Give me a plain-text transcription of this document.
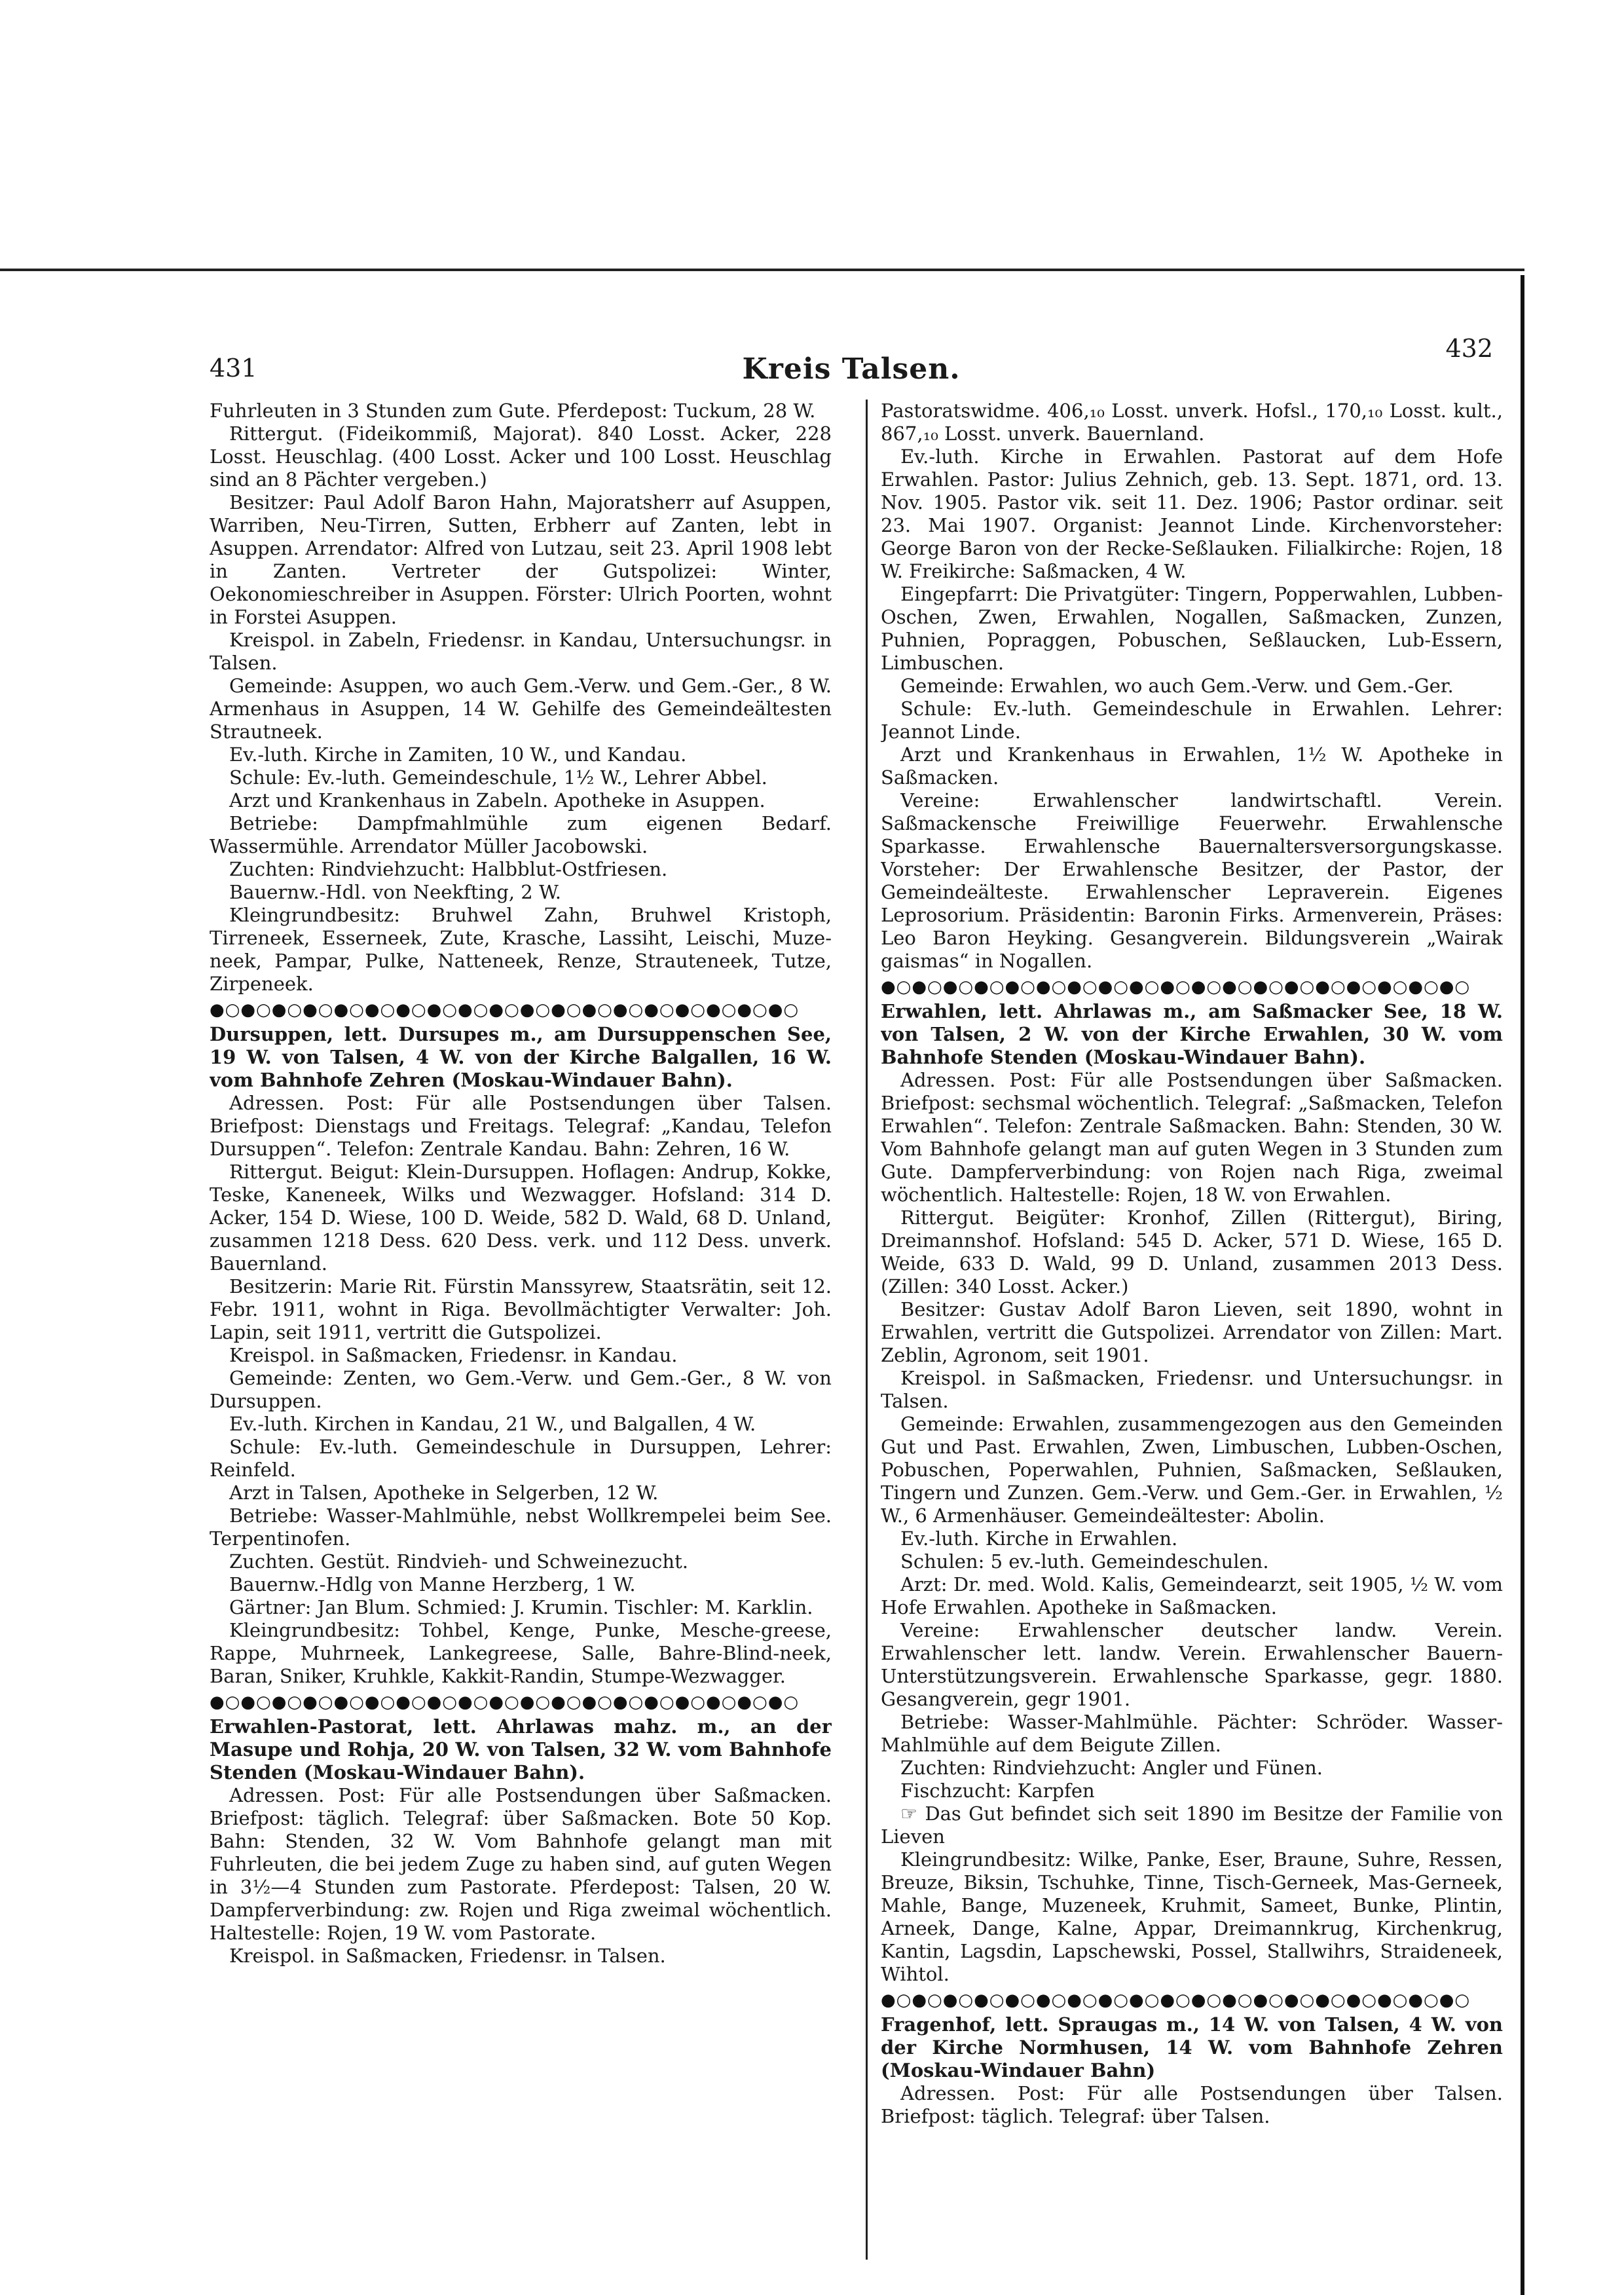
431	Kreis Talsen.
432

Fuhrleuten in 3 Stunden zum Gute. Pferdepost: Tuckum, 28 W.

Rittergut. (Fideikommiß, Majorat). 840 Losst. Acker, 228 Losst. Heuschlag. (400 Losst. Acker und 100 Losst. Heuschlag sind an 8 Pächter vergeben.)

Besitzer: Paul Adolf Baron Hahn, Majoratsherr auf Asuppen, Warriben, Neu-Tirren, Sutten, Erbherr auf Zanten, lebt in Asuppen. Arrendator: Alfred von Lutzau, seit 23. April 1908 lebt in Zanten. Vertreter der Gutspolizei: Winter, Oekonomieschreiber in Asuppen. Förster: Ulrich Poorten, wohnt in Forstei Asuppen.

Kreispol. in Zabeln, Friedensr. in Kandau, Untersuchungsr. in Talsen.

Gemeinde: Asuppen, wo auch Gem.-Verw. und Gem.-Ger., 8 W. Armenhaus in Asuppen, 14 W. Gehilfe des Gemeindeältesten Strautneek.

Ev.-luth. Kirche in Zamiten, 10 W., und Kandau.

Schule: Ev.-luth. Gemeindeschule, 1½ W., Lehrer Abbel.

Arzt und Krankenhaus in Zabeln. Apotheke in Asuppen.

Betriebe: Dampfmahlmühle zum eigenen Bedarf. Wassermühle. Arrendator Müller Jacobowski.

Zuchten: Rindviehzucht: Halbblut-Ostfriesen.

Bauernw.-Hdl. von Neekfting, 2 W.

Kleingrundbesitz: Bruhwel Zahn, Bruhwel Kristoph, Tirreneek, Esserneek, Zute, Krasche, Lassiht, Leischi, Muze-neek, Pampar, Pulke, Natteneek, Renze, Strauteneek, Tutze, Zirpeneek.

●○●○●○●○●○●○●○●○●○●○●○●○●○●○●○●○●○●○●○

Dursuppen, lett. Dursupes m., am Dursuppenschen See, 19 W. von Talsen, 4 W. von der Kirche Balgallen, 16 W. vom Bahnhofe Zehren (Moskau-Windauer Bahn).

Adressen. Post: Für alle Postsendungen über Talsen. Briefpost: Dienstags und Freitags. Telegraf: „Kandau, Telefon Dursuppen“. Telefon: Zentrale Kandau. Bahn: Zehren, 16 W.

Rittergut. Beigut: Klein-Dursuppen. Hoflagen: Andrup, Kokke, Teske, Kaneneek, Wilks und Wezwagger. Hofsland: 314 D. Acker, 154 D. Wiese, 100 D. Weide, 582 D. Wald, 68 D. Unland, zusammen 1218 Dess. 620 Dess. verk. und 112 Dess. unverk. Bauernland.

Besitzerin: Marie Rit. Fürstin Manssyrew, Staatsrätin, seit 12. Febr. 1911, wohnt in Riga. Bevollmächtigter Verwalter: Joh. Lapin, seit 1911, vertritt die Gutspolizei.

Kreispol. in Saßmacken, Friedensr. in Kandau.

Gemeinde: Zenten, wo Gem.-Verw. und Gem.-Ger., 8 W. von Dursuppen.

Ev.-luth. Kirchen in Kandau, 21 W., und Balgallen, 4 W.

Schule: Ev.-luth. Gemeindeschule in Dursuppen, Lehrer: Reinfeld.

Arzt in Talsen, Apotheke in Selgerben, 12 W.

Betriebe: Wasser-Mahlmühle, nebst Wollkrempelei beim See. Terpentinofen.

Zuchten. Gestüt. Rindvieh- und Schweinezucht.

Bauernw.-Hdlg von Manne Herzberg, 1 W.

Gärtner: Jan Blum. Schmied: J. Krumin. Tischler: M. Karklin.

Kleingrundbesitz: Tohbel, Kenge, Punke, Mesche-greese, Rappe, Muhrneek, Lankegreese, Salle, Bahre-Blind-neek, Baran, Sniker, Kruhkle, Kakkit-Randin, Stumpe-Wezwagger.

●○●○●○●○●○●○●○●○●○●○●○●○●○●○●○●○●○●○●○

Erwahlen-Pastorat, lett. Ahrlawas mahz. m., an der Masupe und Rohja, 20 W. von Talsen, 32 W. vom Bahnhofe Stenden (Moskau-Windauer Bahn).

Adressen. Post: Für alle Postsendungen über Saßmacken. Briefpost: täglich. Telegraf: über Saßmacken. Bote 50 Kop. Bahn: Stenden, 32 W. Vom Bahnhofe gelangt man mit Fuhrleuten, die bei jedem Zuge zu haben sind, auf guten Wegen in 3½—4 Stunden zum Pastorate. Pferdepost: Talsen, 20 W. Dampferverbindung: zw. Rojen und Riga zweimal wöchentlich. Haltestelle: Rojen, 19 W. vom Pastorate.

Kreispol. in Saßmacken, Friedensr. in Talsen.

Pastoratswidme. 406,₁₀ Losst. unverk. Hofsl., 170,₁₀ Losst. kult., 867,₁₀ Losst. unverk. Bauernland.

Ev.-luth. Kirche in Erwahlen. Pastorat auf dem Hofe Erwahlen. Pastor: Julius Zehnich, geb. 13. Sept. 1871, ord. 13. Nov. 1905. Pastor vik. seit 11. Dez. 1906; Pastor ordinar. seit 23. Mai 1907. Organist: Jeannot Linde. Kirchenvorsteher: George Baron von der Recke-Seßlauken. Filialkirche: Rojen, 18 W. Freikirche: Saßmacken, 4 W.

Eingepfarrt: Die Privatgüter: Tingern, Popperwahlen, Lubben-Oschen, Zwen, Erwahlen, Nogallen, Saßmacken, Zunzen, Puhnien, Popraggen, Pobuschen, Seßlaucken, Lub-Essern, Limbuschen.

Gemeinde: Erwahlen, wo auch Gem.-Verw. und Gem.-Ger.

Schule: Ev.-luth. Gemeindeschule in Erwahlen. Lehrer: Jeannot Linde.

Arzt und Krankenhaus in Erwahlen, 1½ W. Apotheke in Saßmacken.

Vereine: Erwahlenscher landwirtschaftl. Verein. Saßmackensche Freiwillige Feuerwehr. Erwahlensche Sparkasse. Erwahlensche Bauernaltersversorgungskasse. Vorsteher: Der Erwahlensche Besitzer, der Pastor, der Gemeindeälteste. Erwahlenscher Lepraverein. Eigenes Leprosorium. Präsidentin: Baronin Firks. Armenverein, Präses: Leo Baron Heyking. Gesangverein. Bildungsverein „Wairak gaismas“ in Nogallen.

●○●○●○●○●○●○●○●○●○●○●○●○●○●○●○●○●○●○●○

Erwahlen, lett. Ahrlawas m., am Saßmacker See, 18 W. von Talsen, 2 W. von der Kirche Erwahlen, 30 W. vom Bahnhofe Stenden (Moskau-Windauer Bahn).

Adressen. Post: Für alle Postsendungen über Saßmacken. Briefpost: sechsmal wöchentlich. Telegraf: „Saßmacken, Telefon Erwahlen“. Telefon: Zentrale Saßmacken. Bahn: Stenden, 30 W. Vom Bahnhofe gelangt man auf guten Wegen in 3 Stunden zum Gute. Dampferverbindung: von Rojen nach Riga, zweimal wöchentlich. Haltestelle: Rojen, 18 W. von Erwahlen.

Rittergut. Beigüter: Kronhof, Zillen (Rittergut), Biring, Dreimannshof. Hofsland: 545 D. Acker, 571 D. Wiese, 165 D. Weide, 633 D. Wald, 99 D. Unland, zusammen 2013 Dess. (Zillen: 340 Losst. Acker.)

Besitzer: Gustav Adolf Baron Lieven, seit 1890, wohnt in Erwahlen, vertritt die Gutspolizei. Arrendator von Zillen: Mart. Zeblin, Agronom, seit 1901.

Kreispol. in Saßmacken, Friedensr. und Untersuchungsr. in Talsen.

Gemeinde: Erwahlen, zusammengezogen aus den Gemeinden Gut und Past. Erwahlen, Zwen, Limbuschen, Lubben-Oschen, Pobuschen, Poperwahlen, Puhnien, Saßmacken, Seßlauken, Tingern und Zunzen. Gem.-Verw. und Gem.-Ger. in Erwahlen, ½ W., 6 Armenhäuser. Gemeindeältester: Abolin.

Ev.-luth. Kirche in Erwahlen.

Schulen: 5 ev.-luth. Gemeindeschulen.

Arzt: Dr. med. Wold. Kalis, Gemeindearzt, seit 1905, ½ W. vom Hofe Erwahlen. Apotheke in Saßmacken.

Vereine: Erwahlenscher deutscher landw. Verein. Erwahlenscher lett. landw. Verein. Erwahlenscher Bauern-Unterstützungsverein. Erwahlensche Sparkasse, gegr. 1880. Gesangverein, gegr 1901.

Betriebe: Wasser-Mahlmühle. Pächter: Schröder. Wasser-Mahlmühle auf dem Beigute Zillen.

Zuchten: Rindviehzucht: Angler und Fünen.

Fischzucht: Karpfen

☞ Das Gut befindet sich seit 1890 im Besitze der Familie von Lieven

Kleingrundbesitz: Wilke, Panke, Eser, Braune, Suhre, Ressen, Breuze, Biksin, Tschuhke, Tinne, Tisch-Gerneek, Mas-Gerneek, Mahle, Bange, Muzeneek, Kruhmit, Sameet, Bunke, Plintin, Arneek, Dange, Kalne, Appar, Dreimannkrug, Kirchenkrug, Kantin, Lagsdin, Lapschewski, Possel, Stallwihrs, Straideneek, Wihtol.

●○●○●○●○●○●○●○●○●○●○●○●○●○●○●○●○●○●○●○

Fragenhof, lett. Spraugas m., 14 W. von Talsen, 4 W. von der Kirche Normhusen, 14 W. vom Bahnhofe Zehren (Moskau-Windauer Bahn)

Adressen. Post: Für alle Postsendungen über Talsen. Briefpost: täglich. Telegraf: über Talsen.
